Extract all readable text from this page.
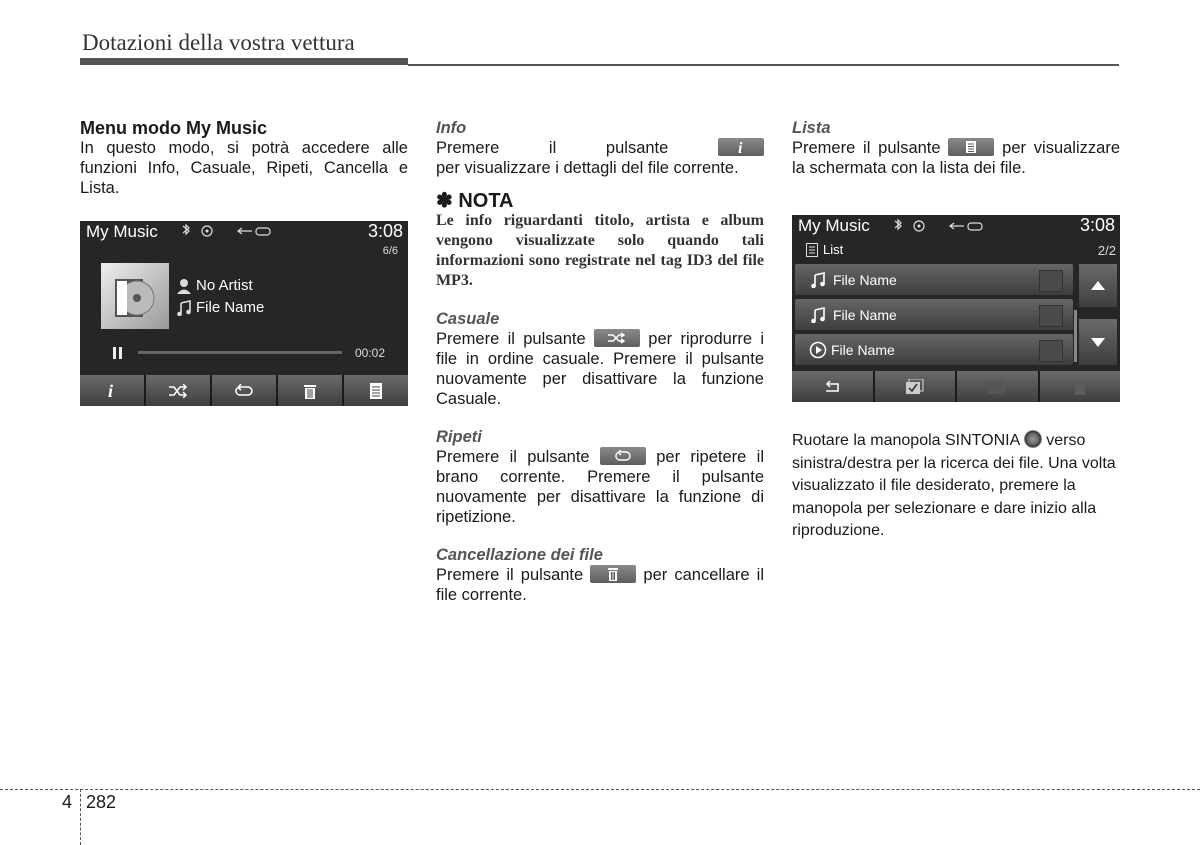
Dotazioni della vostra vettura

Menu modo My Music

In questo modo, si potrà accedere alle funzioni Info, Casuale, Ripeti, Cancella e Lista.

My Music	3:08
6/6
No Artist
File Name
00:02
i

Info

Premere il pulsante	i

per visualizzare i dettagli del file corrente.

✽ NOTA

Le info riguardanti titolo, artista e album vengono visualizzate solo quando tali informazioni sono registrate nel tag ID3 del file MP3.

Casuale

Premere il pulsante	per riprodurre i file in ordine casuale. Premere il pulsante nuovamente per disattivare la funzione Casuale.

Ripeti

Premere il pulsante	per ripetere il brano corrente. Premere il pulsante nuovamente per disattivare la funzione di ripetizione.

Cancellazione dei file

Premere il pulsante	per cancellare il file corrente.

Lista

Premere il pulsante	per visualizzare la schermata con la lista dei file.

My Music	3:08
List	2/2
File Name
File Name
File Name

Ruotare la manopola SINTONIA verso sinistra/destra per la ricerca dei file. Una volta visualizzato il file desiderato, premere la manopola per selezionare e dare inizio alla riproduzione.

4 282
